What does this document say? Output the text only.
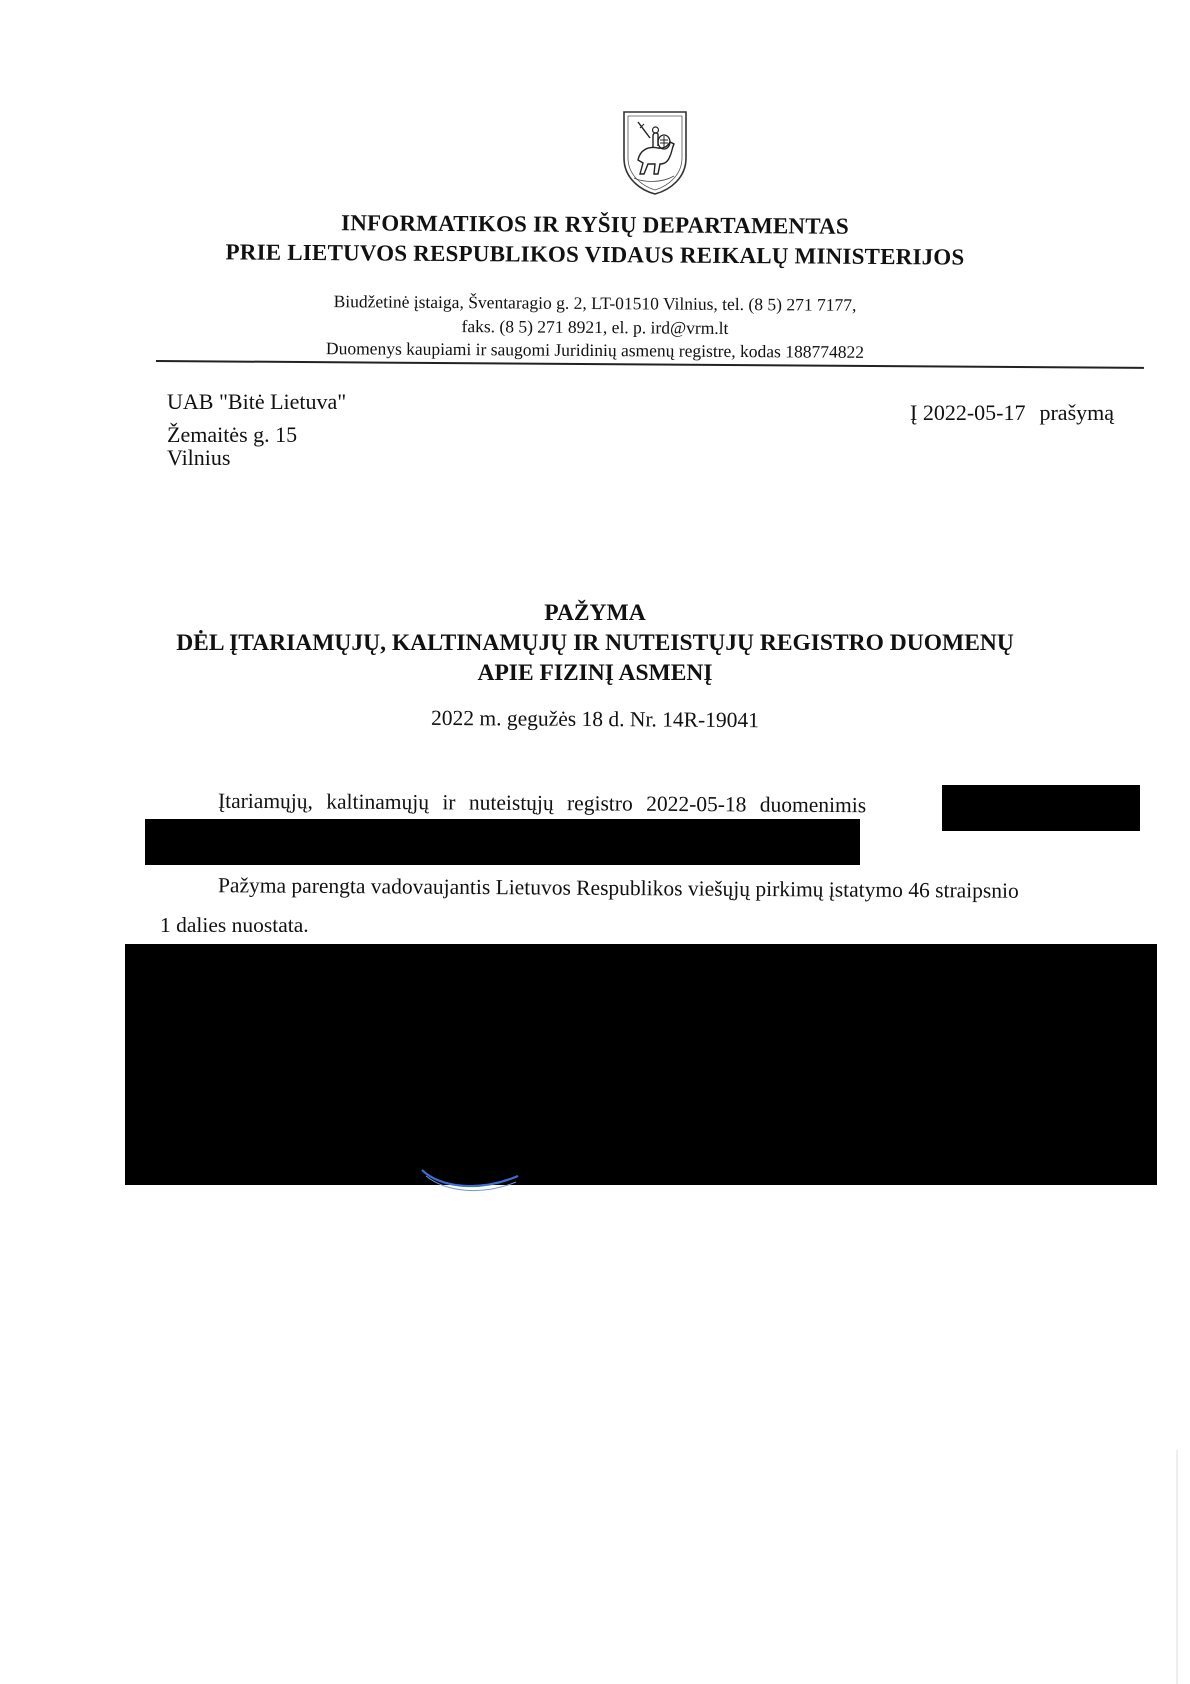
INFORMATIKOS IR RYŠIŲ DEPARTAMENTAS
PRIE LIETUVOS RESPUBLIKOS VIDAUS REIKALŲ MINISTERIJOS
Biudžetinė įstaiga, Šventaragio g. 2, LT-01510 Vilnius, tel. (8 5) 271 7177,
faks. (8 5) 271 8921, el. p. ird@vrm.lt
Duomenys kaupiami ir saugomi Juridinių asmenų registre, kodas 188774822
UAB "Bitė Lietuva"
Žemaitės g. 15
Vilnius
Į 2022-05-17 prašymą
PAŽYMA
DĖL ĮTARIAMŲJŲ, KALTINAMŲJŲ IR NUTEISTŲJŲ REGISTRO DUOMENŲ
APIE FIZINĮ ASMENĮ
2022 m. gegužės 18 d. Nr. 14R-19041
Įtariamųjų, kaltinamųjų ir nuteistųjų registro 2022-05-18 duomenimis
Pažyma parengta vadovaujantis Lietuvos Respublikos viešųjų pirkimų įstatymo 46 straipsnio
1 dalies nuostata.
